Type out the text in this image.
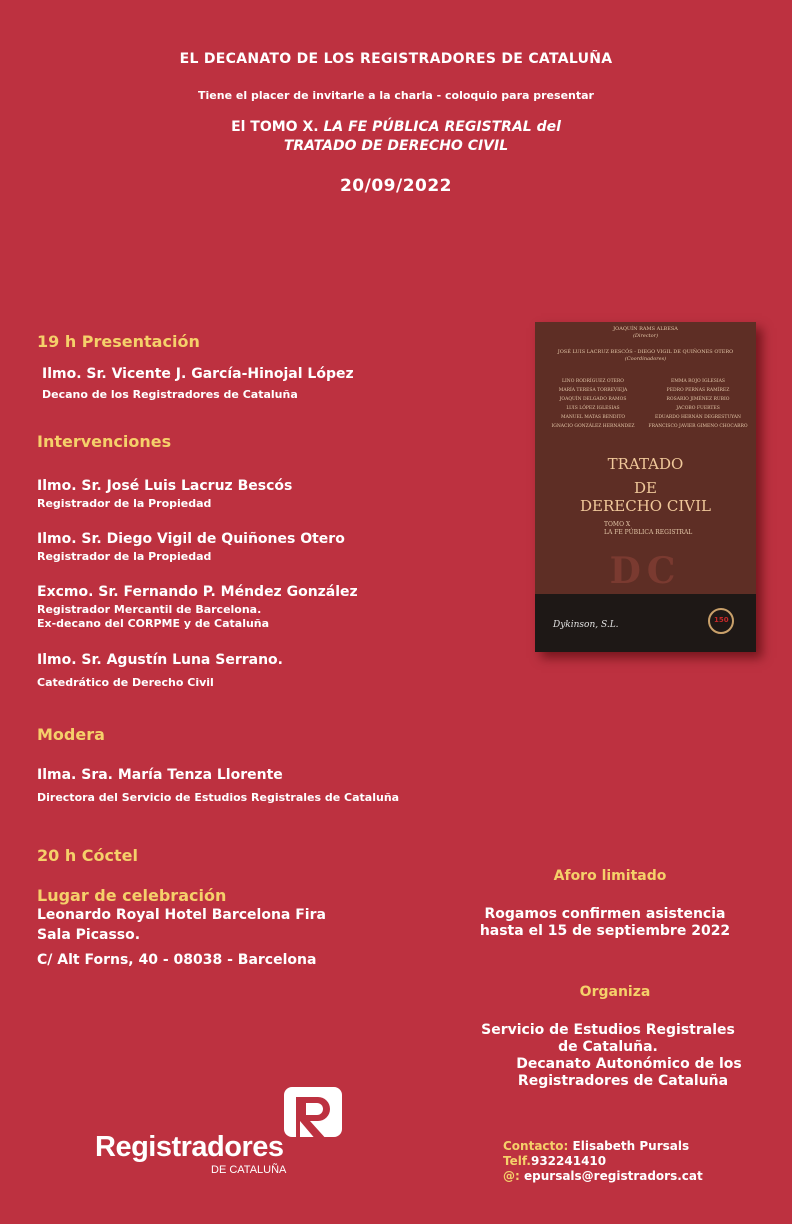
EL DECANATO DE LOS REGISTRADORES DE CATALUÑA
Tiene el placer de invitarle a la charla - coloquio para presentar
El TOMO X. LA FE PÚBLICA REGISTRAL del
TRATADO DE DERECHO CIVIL
20/09/2022
19 h Presentación
Ilmo. Sr. Vicente J. García-Hinojal López
Decano de los Registradores de Cataluña
Intervenciones
Ilmo. Sr. José Luis Lacruz Bescós
Registrador de la Propiedad
Ilmo. Sr. Diego Vigil de Quiñones Otero
Registrador de la Propiedad
Excmo. Sr. Fernando P. Méndez González
Registrador Mercantil de Barcelona.
Ex-decano del CORPME y de Cataluña
Ilmo. Sr. Agustín Luna Serrano.
Catedrático de Derecho Civil
Modera
Ilma. Sra. María Tenza Llorente
Directora del Servicio de Estudios Registrales de Cataluña
20 h Cóctel
Lugar de celebración
Leonardo Royal Hotel Barcelona Fira
Sala Picasso.
C/ Alt Forns, 40 - 08038 - Barcelona
Aforo limitado
Rogamos confirmen asistencia
hasta el 15 de septiembre 2022
Organiza
Servicio de Estudios Registrales
de Cataluña.
Decanato Autonómico de los
Registradores de Cataluña
Contacto: Elisabeth Pursals
Telf.932241410
@: epursals@registradors.cat
Registradores
DE CATALUÑA
JOAQUÍN RAMS ALBESA
(Director)
JOSÉ LUIS LACRUZ BESCÓS - DIEGO VIGIL DE QUIÑONES OTERO
(Coordinadores)
LINO RODRÍGUEZ OTERO
MARÍA TERESA TORREVIEJA
JOAQUÍN DELGADO RAMOS
LUIS LÓPEZ IGLESIAS
MANUEL MATAS BENDITO
IGNACIO GONZÁLEZ HERNÁNDEZ
EMMA ROJO IGLESIAS
PEDRO PERNAS RAMÍREZ
ROSARIO JIMÉNEZ RUBIO
JACOBO FUERTES
EDUARDO HERNÁN DEGRESTUYAN
FRANCISCO JAVIER GIMENO CHOCARRO
TRATADO
DE
DERECHO CIVIL
TOMO X
LA FE PÚBLICA REGISTRAL
DC
Dykinson, S.L.	150
